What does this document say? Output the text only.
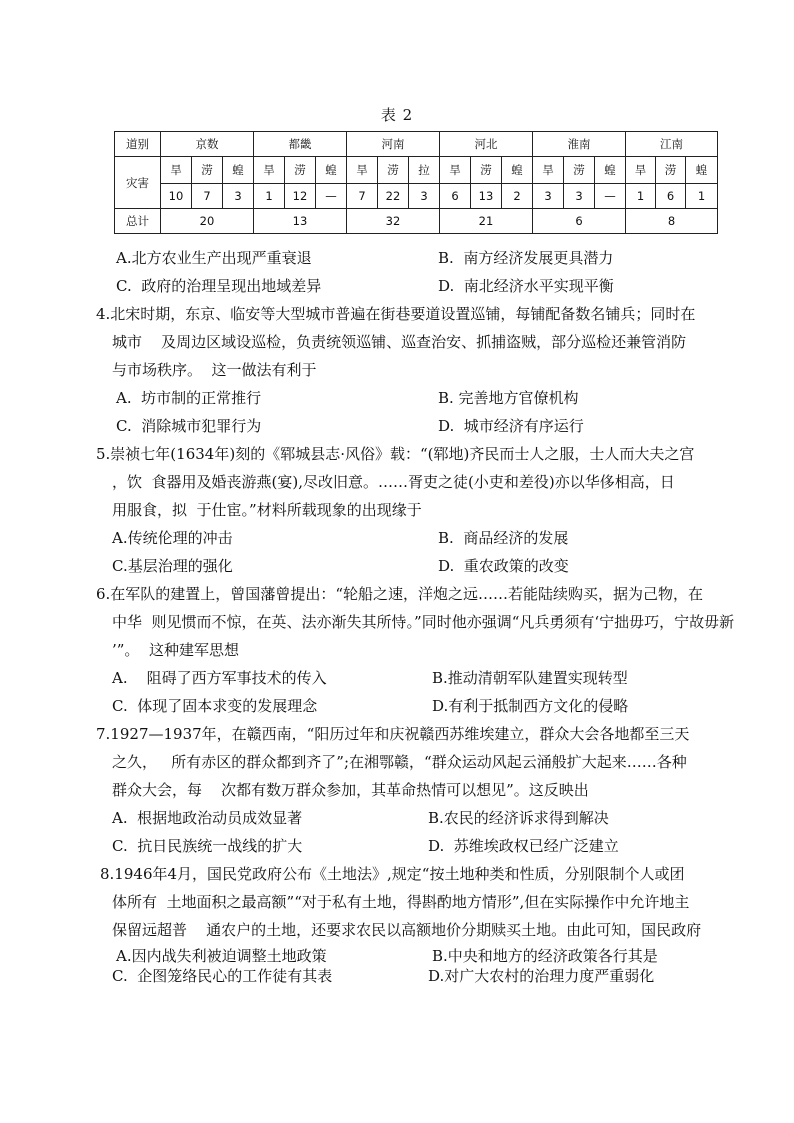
表 2
道别	京数			都畿			河南			河北			淮南			江南		
灾害	旱	涝	蝗	旱	涝	蝗	旱	涝	拉	旱	涝	蝗	旱	涝	蝗	旱	涝	蝗
	10	7	3	1	12	—	7	22	3	6	13	2	3	3	—	1	6	1
总计	20			13			32			21			6			8		
A.北方农业生产出现严重衰退	B.  南方经济发展更具潜力
C.  政府的治理呈现出地域差异	D.  南北经济水平实现平衡
4.北宋时期，东京、临安等大型城市普遍在街巷要道设置巡铺，每铺配备数名铺兵；同时在
城市    及周边区域设巡检，负责统领巡铺、巡查治安、抓捕盗贼，部分巡检还兼管消防
与市场秩序。  这一做法有利于
A.  坊市制的正常推行	B. 完善地方官僚机构
C.  消除城市犯罪行为	D.  城市经济有序运行
5.崇祯七年(1634年)刻的《郓城县志·风俗》载：“(郓地)齐民而士人之服，士人而大夫之宫
，饮  食器用及婚丧游燕(宴),尽改旧意。……胥吏之徒(小吏和差役)亦以华侈相高，日
用服食，拟  于仕宦。”材料所载现象的出现缘于
A.传统伦理的冲击	B.  商品经济的发展
C.基层治理的强化	D.  重农政策的改变
6.在军队的建置上，曾国藩曾提出：“轮船之速，洋炮之远……若能陆续购买，据为己物，在
中华  则见惯而不惊，在英、法亦渐失其所恃。”同时他亦强调“凡兵勇须有‘宁拙毋巧，宁故毋新
’”。  这种建军思想
A.    阻碍了西方军事技术的传入	B.推动清朝军队建置实现转型
C.  体现了固本求变的发展理念	D.有利于抵制西方文化的侵略
7.1927—1937年，在赣西南，“阳历过年和庆祝赣西苏维埃建立，群众大会各地都至三天
之久，   所有赤区的群众都到齐了”;在湘鄂赣，“群众运动风起云涌般扩大起来……各种
群众大会，每    次都有数万群众参加，其革命热情可以想见”。这反映出
A.  根据地政治动员成效显著	B.农民的经济诉求得到解决
C.  抗日民族统一战线的扩大	D.  苏维埃政权已经广泛建立
8.1946年4月，国民党政府公布《土地法》,规定“按土地种类和性质，分别限制个人或团
体所有  土地面积之最高额”“对于私有土地，得斟酌地方情形”,但在实际操作中允许地主
保留远超普    通农户的土地，还要求农民以高额地价分期赎买土地。由此可知，国民政府
A.因内战失利被迫调整土地政策	B.中央和地方的经济政策各行其是
C.  企图笼络民心的工作徒有其表	D.对广大农村的治理力度严重弱化
